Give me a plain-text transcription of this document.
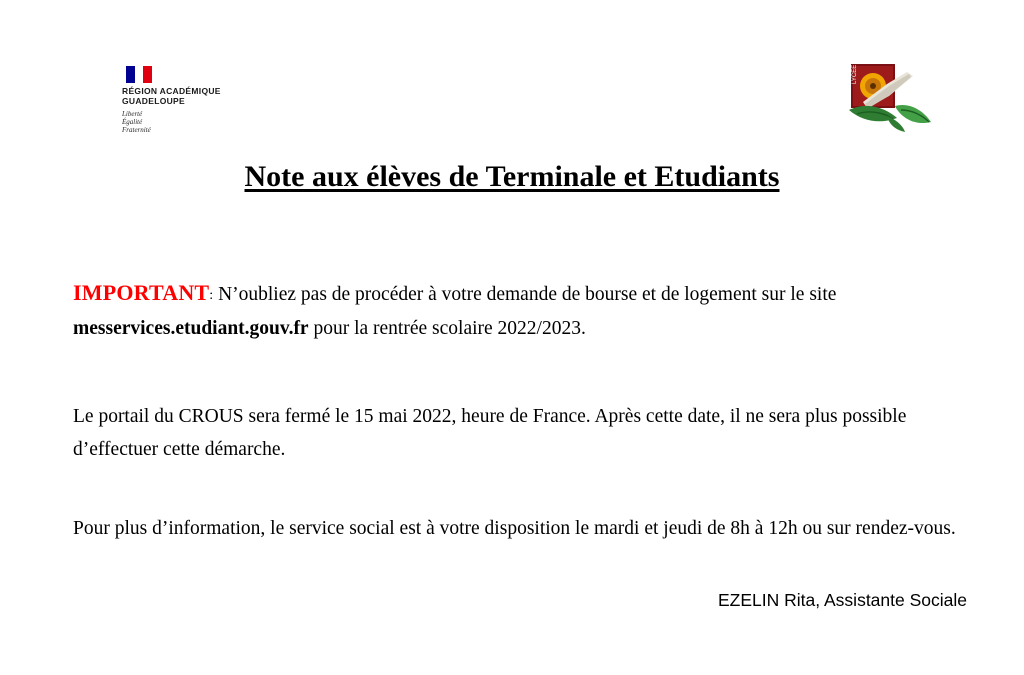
RÉGION ACADÉMIQUE
GUADELOUPE
Liberté
Égalité
Fraternité
LYCÉE PAUL LACAVÉ
Note aux élèves de Terminale et Etudiants
IMPORTANT: N’oubliez pas de procéder à votre demande de bourse et de logement sur le site messervices.etudiant.gouv.fr pour la rentrée scolaire 2022/2023.
Le portail du CROUS sera fermé le 15 mai 2022, heure de France. Après cette date, il ne sera plus possible d’effectuer cette démarche.
Pour plus d’information, le service social est à votre disposition le mardi et jeudi de 8h à 12h ou sur rendez-vous.
EZELIN Rita, Assistante Sociale
